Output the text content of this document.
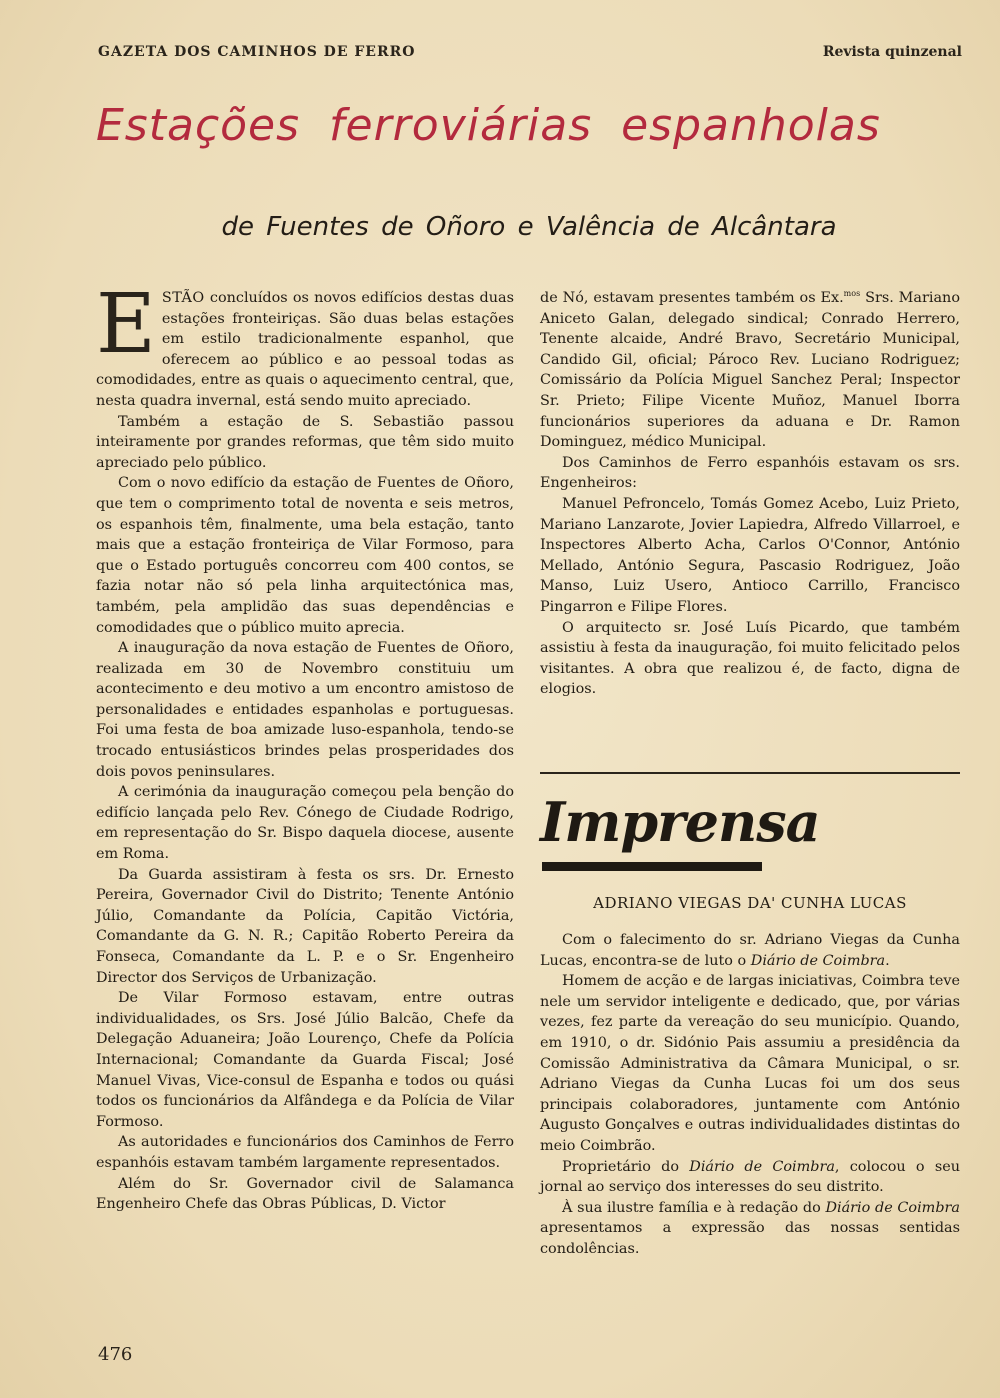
GAZETA DOS CAMINHOS DE FERRO	Revista quinzenal
Estações ferroviárias espanholas
de Fuentes de Oñoro e Valência de Alcântara

ESTÃO concluídos os novos edifícios destas duas estações fronteiriças. São duas belas estações em estilo tradicionalmente espanhol, que oferecem ao público e ao pessoal todas as comodidades, entre as quais o aquecimento central, que, nesta quadra invernal, está sendo muito apreciado.

Também a estação de S. Sebastião passou inteiramente por grandes reformas, que têm sido muito apreciado pelo público.

Com o novo edifício da estação de Fuentes de Oñoro, que tem o comprimento total de noventa e seis metros, os espanhois têm, finalmente, uma bela estação, tanto mais que a estação fronteiriça de Vilar Formoso, para que o Estado português concorreu com 400 contos, se fazia notar não só pela linha arquitectónica mas, também, pela amplidão das suas dependências e comodidades que o público muito aprecia.

A inauguração da nova estação de Fuentes de Oñoro, realizada em 30 de Novembro constituiu um acontecimento e deu motivo a um encontro amistoso de personalidades e entidades espanholas e portuguesas. Foi uma festa de boa amizade luso-espanhola, tendo-se trocado entusiásticos brindes pelas prosperidades dos dois povos peninsulares.

A cerimónia da inauguração começou pela benção do edifício lançada pelo Rev. Cónego de Ciudade Rodrigo, em representação do Sr. Bispo daquela diocese, ausente em Roma.

Da Guarda assistiram à festa os srs. Dr. Ernesto Pereira, Governador Civil do Distrito; Tenente António Júlio, Comandante da Polícia, Capitão Victória, Comandante da G. N. R.; Capitão Roberto Pereira da Fonseca, Comandante da L. P. e o Sr. Engenheiro Director dos Serviços de Urbanização.

De Vilar Formoso estavam, entre outras individualidades, os Srs. José Júlio Balcão, Chefe da Delegação Aduaneira; João Lourenço, Chefe da Polícia Internacional; Comandante da Guarda Fiscal; José Manuel Vivas, Vice-consul de Espanha e todos ou quási todos os funcionários da Alfândega e da Polícia de Vilar Formoso.

As autoridades e funcionários dos Caminhos de Ferro espanhóis estavam também largamente representados.

Além do Sr. Governador civil de Salamanca Engenheiro Chefe das Obras Públicas, D. Victor

de Nó, estavam presentes também os Ex.$^{mos}$ Srs. Mariano Aniceto Galan, delegado sindical; Conrado Herrero, Tenente alcaide, André Bravo, Secretário Municipal, Candido Gil, oficial; Pároco Rev. Luciano Rodriguez; Comissário da Polícia Miguel Sanchez Peral; Inspector Sr. Prieto; Filipe Vicente Muñoz, Manuel Iborra funcionários superiores da aduana e Dr. Ramon Dominguez, médico Municipal.

Dos Caminhos de Ferro espanhóis estavam os srs. Engenheiros:

Manuel Pefroncelo, Tomás Gomez Acebo, Luiz Prieto, Mariano Lanzarote, Jovier Lapiedra, Alfredo Villarroel, e Inspectores Alberto Acha, Carlos O'Connor, António Mellado, António Segura, Pascasio Rodriguez, João Manso, Luiz Usero, Antioco Carrillo, Francisco Pingarron e Filipe Flores.

O arquitecto sr. José Luís Picardo, que também assistiu à festa da inauguração, foi muito felicitado pelos visitantes. A obra que realizou é, de facto, digna de elogios.

Imprensa
ADRIANO VIEGAS DA' CUNHA LUCAS

Com o falecimento do sr. Adriano Viegas da Cunha Lucas, encontra-se de luto o Diário de Coimbra.

Homem de acção e de largas iniciativas, Coimbra teve nele um servidor inteligente e dedicado, que, por várias vezes, fez parte da vereação do seu município. Quando, em 1910, o dr. Sidónio Pais assumiu a presidência da Comissão Administrativa da Câmara Municipal, o sr. Adriano Viegas da Cunha Lucas foi um dos seus principais colaboradores, juntamente com António Augusto Gonçalves e outras individualidades distintas do meio Coimbrão.

Proprietário do Diário de Coimbra, colocou o seu jornal ao serviço dos interesses do seu distrito.

À sua ilustre família e à redação do Diário de Coimbra apresentamos a expressão das nossas sentidas condolências.

476
